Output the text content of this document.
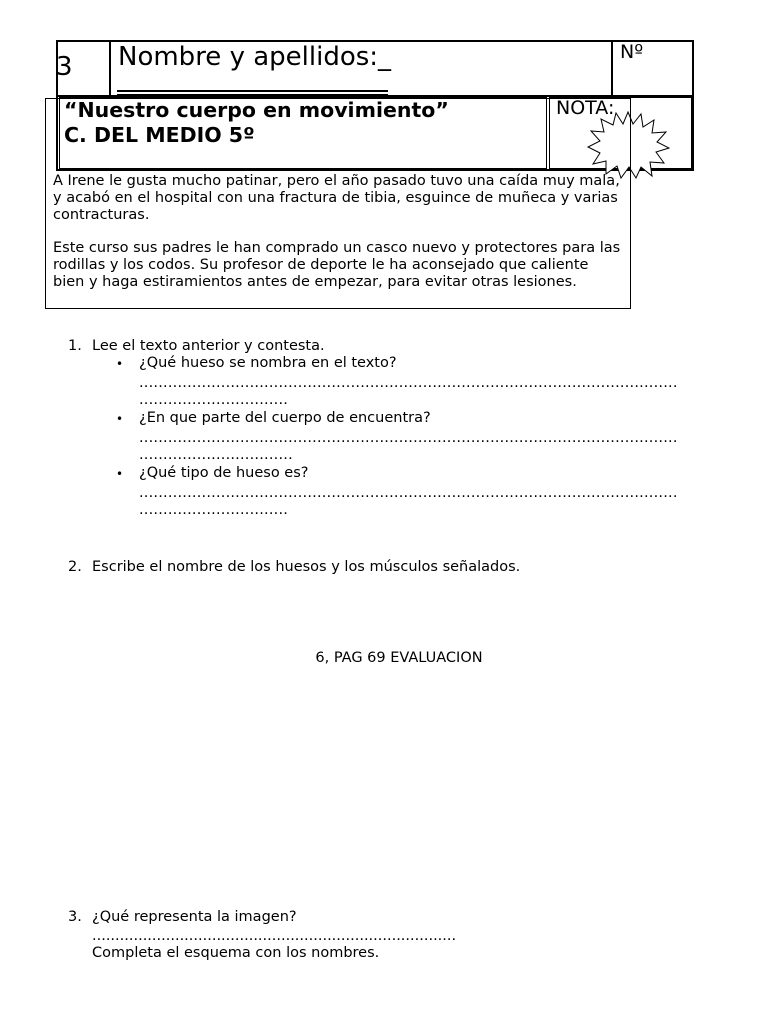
3 Nombre y apellidos:_	Nº
“Nuestro cuerpo en movimiento”
C. DEL MEDIO 5º
NOTA:
A Irene le gusta mucho patinar, pero el año pasado tuvo una caída muy mala, y acabó en el hospital con una fractura de tibia, esguince de muñeca y varias contracturas.
Este curso sus padres le han comprado un casco nuevo y protectores para las rodillas y los codos. Su profesor de deporte le ha aconsejado que caliente bien y haga estiramientos antes de empezar, para evitar otras lesiones.
1. Lee el texto anterior y contesta.
• ¿Qué hueso se nombra en el texto?
................................................................................................................
...............................
• ¿En que parte del cuerpo de encuentra?
................................................................................................................
................................
• ¿Qué tipo de hueso es?
................................................................................................................
...............................
2. Escribe el nombre de los huesos y los músculos señalados.
6, PAG 69 EVALUACION
3. ¿Qué representa la imagen?
...............................................................................
Completa el esquema con los nombres.
